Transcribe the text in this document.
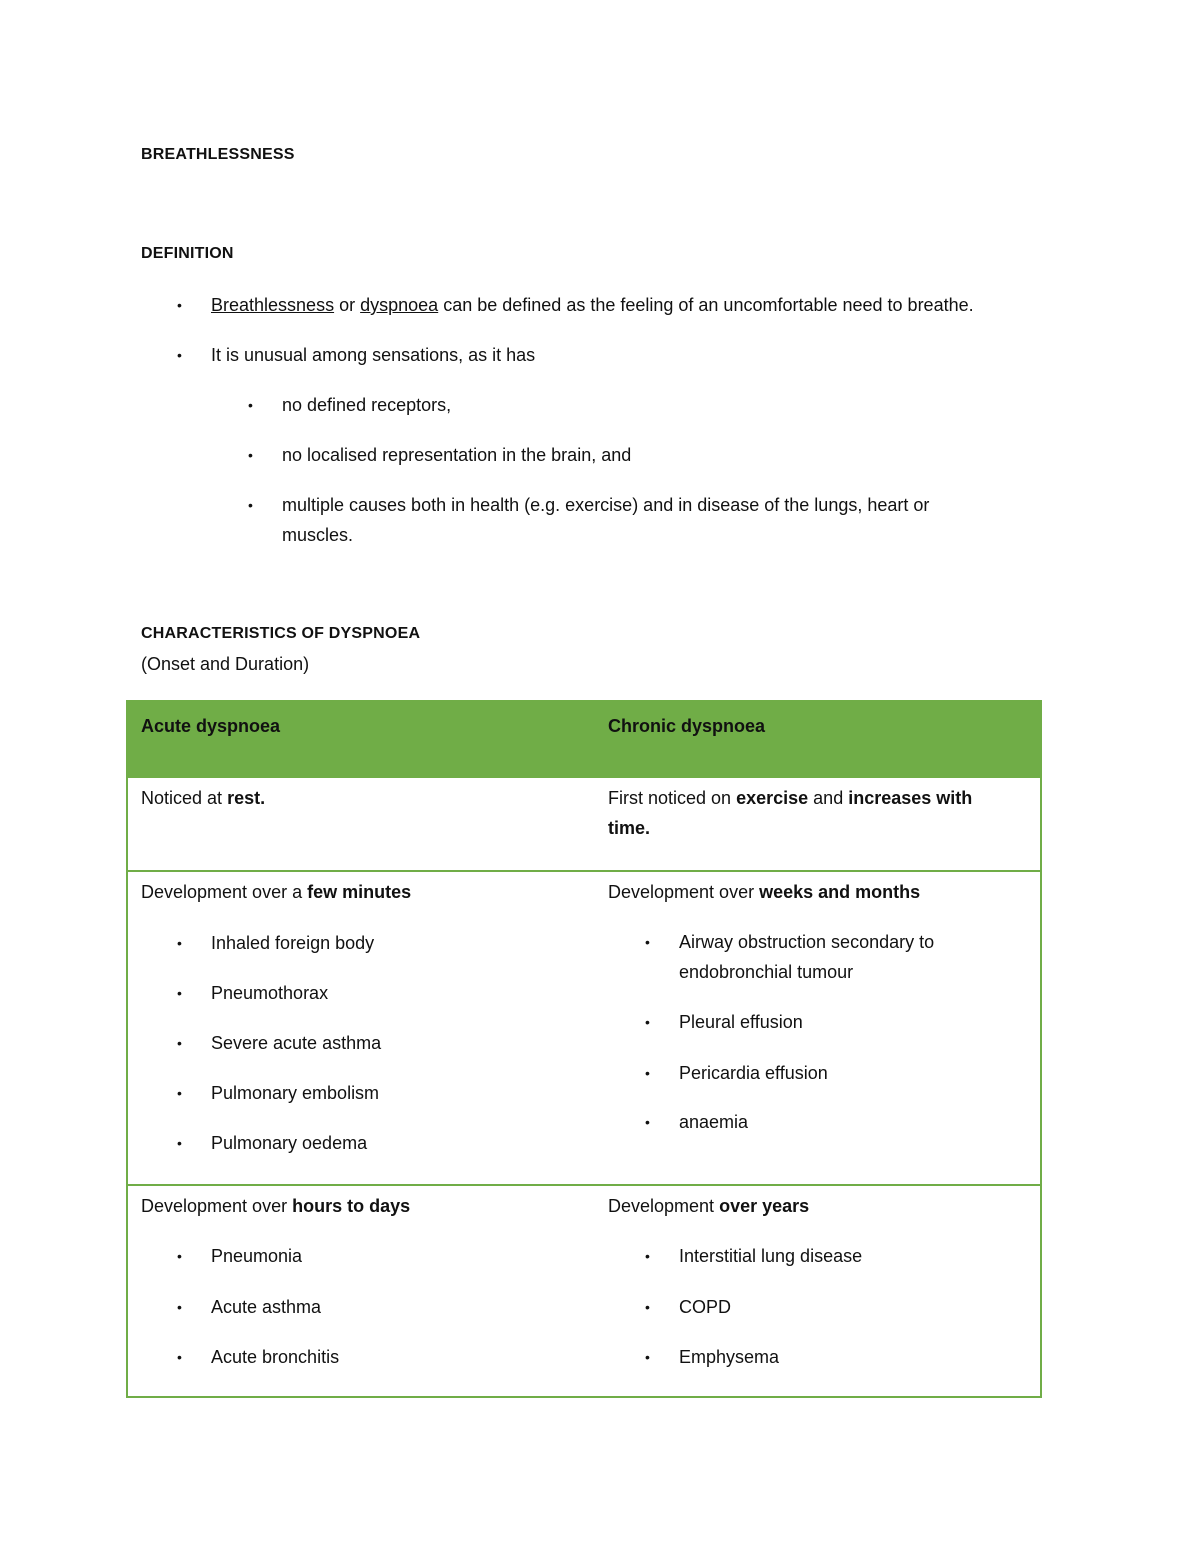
BREATHLESSNESS
DEFINITION
• Breathlessness or dyspnoea can be defined as the feeling of an uncomfortable need to breathe.
• It is unusual among sensations, as it has
• no defined receptors,
• no localised representation in the brain, and
• multiple causes both in health (e.g. exercise) and in disease of the lungs, heart or
muscles.
CHARACTERISTICS OF DYSPNOEA
(Onset and Duration)
Acute dyspnoea	Chronic dyspnoea
Noticed at rest.	First noticed on exercise and increases with time.
Development over a few minutes
• Inhaled foreign body
• Pneumothorax
• Severe acute asthma
• Pulmonary embolism
• Pulmonary oedema
Development over weeks and months
• Airway obstruction secondary to endobronchial tumour
• Pleural effusion
• Pericardia effusion
• anaemia
Development over hours to days
• Pneumonia
• Acute asthma
• Acute bronchitis
Development over years
• Interstitial lung disease
• COPD
• Emphysema
